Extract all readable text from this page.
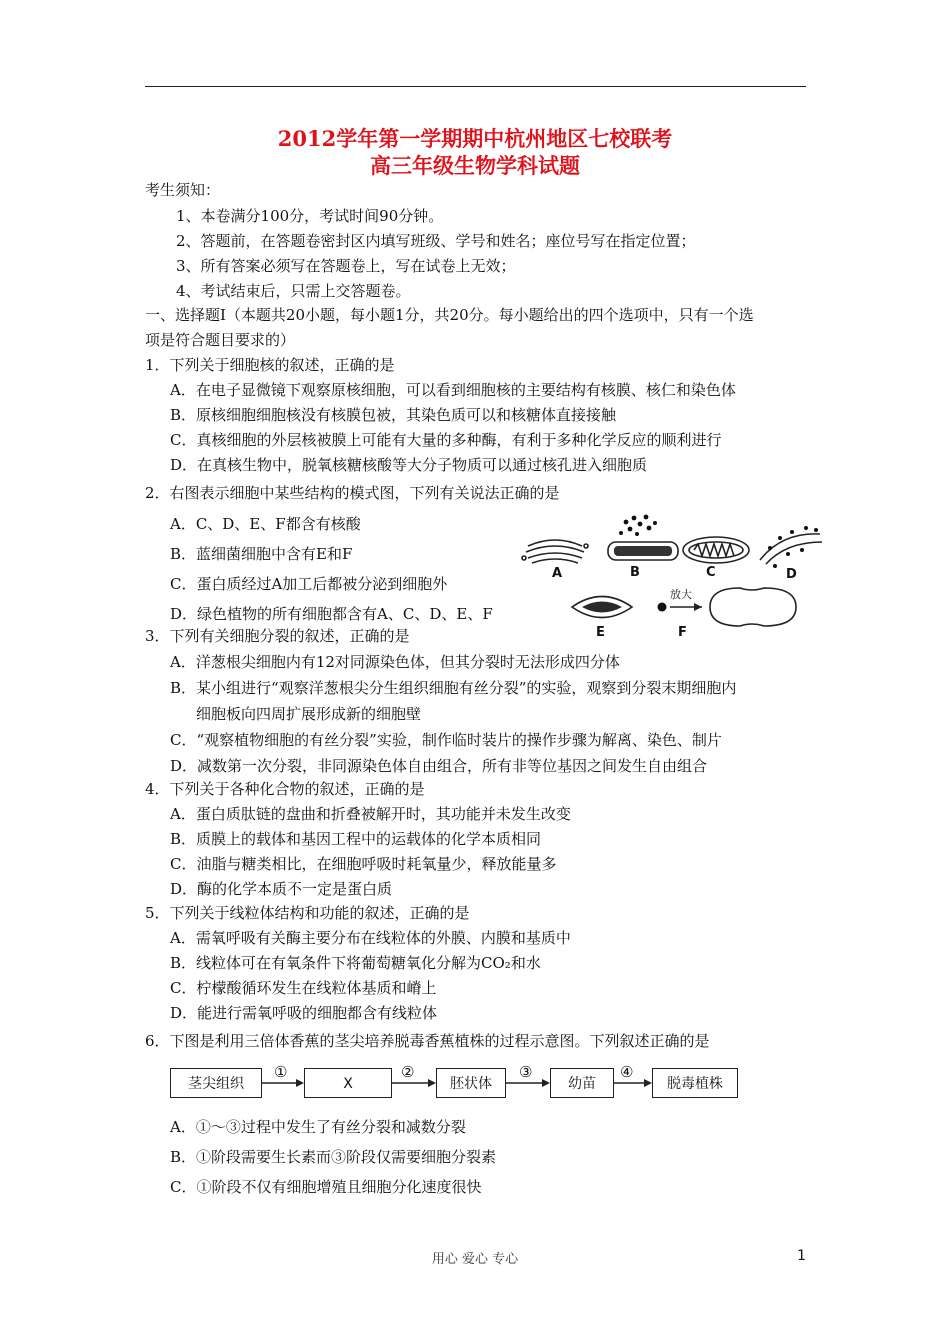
2012学年第一学期期中杭州地区七校联考
高三年级生物学科试题
考生须知：
1、本卷满分100分，考试时间90分钟。
2、答题前，在答题卷密封区内填写班级、学号和姓名；座位号写在指定位置；
3、所有答案必须写在答题卷上，写在试卷上无效；
4、考试结束后，只需上交答题卷。
一、选择题Ⅰ（本题共20小题，每小题1分，共20分。每小题给出的四个选项中，只有一个选
项是符合题目要求的）
1．下列关于细胞核的叙述，正确的是
A．在电子显微镜下观察原核细胞，可以看到细胞核的主要结构有核膜、核仁和染色体
B．原核细胞细胞核没有核膜包被，其染色质可以和核糖体直接接触
C．真核细胞的外层核被膜上可能有大量的多种酶，有利于多种化学反应的顺利进行
D．在真核生物中，脱氧核糖核酸等大分子物质可以通过核孔进入细胞质
2．右图表示细胞中某些结构的模式图，下列有关说法正确的是
A．C、D、E、F都含有核酸
B．蓝细菌细胞中含有E和F
C．蛋白质经过A加工后都被分泌到细胞外
D．绿色植物的所有细胞都含有A、C、D、E、F
A	B	C	D
放大
E	F
3．下列有关细胞分裂的叙述，正确的是
A．洋葱根尖细胞内有12对同源染色体，但其分裂时无法形成四分体
B．某小组进行“观察洋葱根尖分生组织细胞有丝分裂”的实验，观察到分裂末期细胞内
细胞板向四周扩展形成新的细胞壁
C．“观察植物细胞的有丝分裂”实验，制作临时装片的操作步骤为解离、染色、制片
D．减数第一次分裂，非同源染色体自由组合，所有非等位基因之间发生自由组合
4．下列关于各种化合物的叙述，正确的是
A．蛋白质肽链的盘曲和折叠被解开时，其功能并未发生改变
B．质膜上的载体和基因工程中的运载体的化学本质相同
C．油脂与糖类相比，在细胞呼吸时耗氧量少，释放能量多
D．酶的化学本质不一定是蛋白质
5．下列关于线粒体结构和功能的叙述，正确的是
A．需氧呼吸有关酶主要分布在线粒体的外膜、内膜和基质中
B．线粒体可在有氧条件下将葡萄糖氧化分解为CO₂和水
C．柠檬酸循环发生在线粒体基质和嵴上
D．能进行需氧呼吸的细胞都含有线粒体
6．下图是利用三倍体香蕉的茎尖培养脱毒香蕉植株的过程示意图。下列叙述正确的是
茎尖组织
①
X
②
胚状体
③
幼苗
④
脱毒植株
A．①～③过程中发生了有丝分裂和减数分裂
B．①阶段需要生长素而③阶段仅需要细胞分裂素
C．①阶段不仅有细胞增殖且细胞分化速度很快
用心 爱心 专心	1
